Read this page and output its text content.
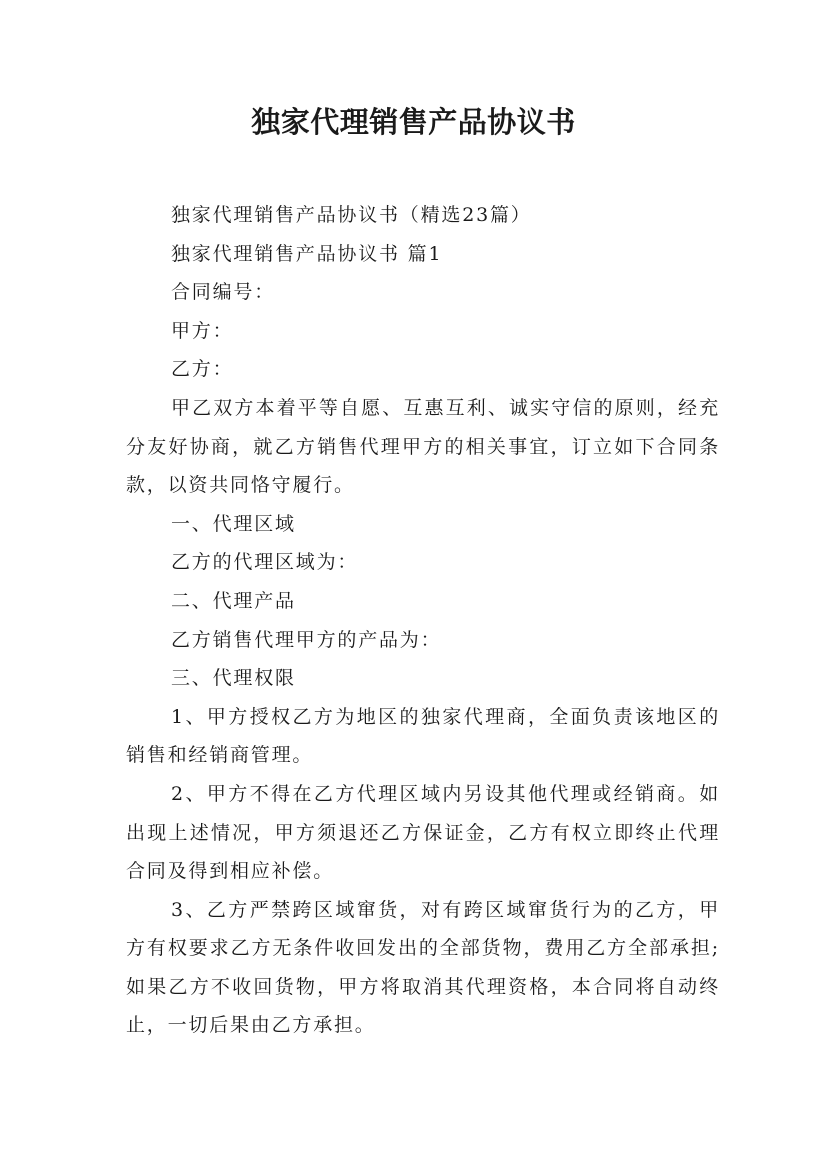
独家代理销售产品协议书

独家代理销售产品协议书（精选23篇）

独家代理销售产品协议书 篇1

合同编号：

甲方：

乙方：

甲乙双方本着平等自愿、互惠互利、诚实守信的原则，经充分友好协商，就乙方销售代理甲方的相关事宜，订立如下合同条款，以资共同恪守履行。

一、代理区域

乙方的代理区域为：

二、代理产品

乙方销售代理甲方的产品为：

三、代理权限

1、甲方授权乙方为地区的独家代理商，全面负责该地区的销售和经销商管理。

2、甲方不得在乙方代理区域内另设其他代理或经销商。如出现上述情况，甲方须退还乙方保证金，乙方有权立即终止代理合同及得到相应补偿。

3、乙方严禁跨区域窜货，对有跨区域窜货行为的乙方，甲方有权要求乙方无条件收回发出的全部货物，费用乙方全部承担;如果乙方不收回货物，甲方将取消其代理资格，本合同将自动终止，一切后果由乙方承担。
